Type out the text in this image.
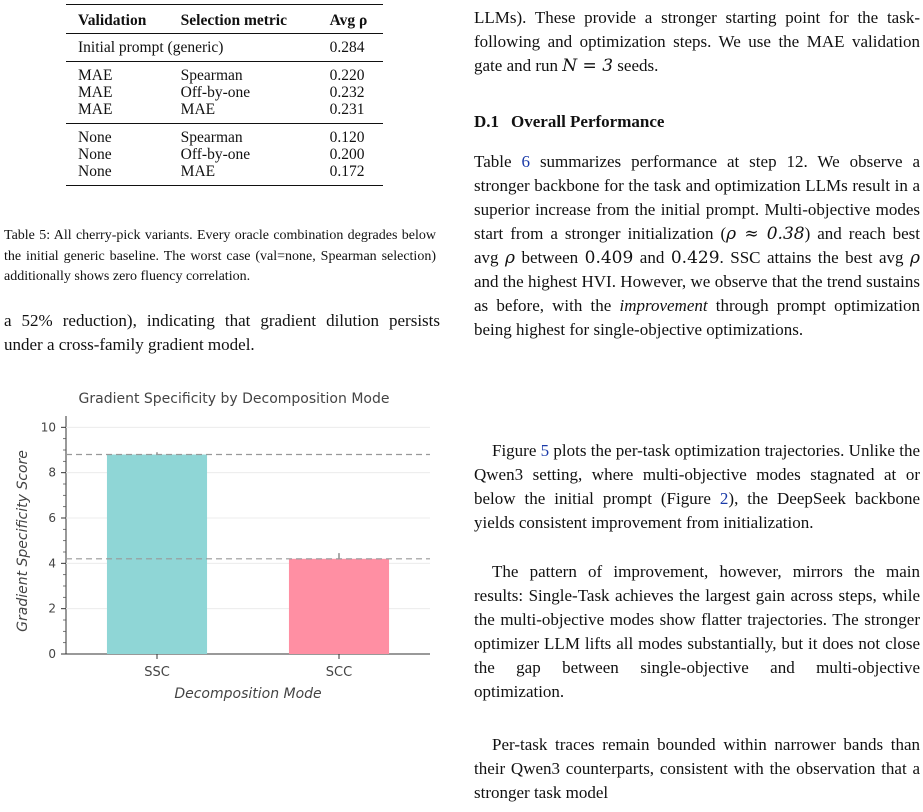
Validation	Selection metric	Avg ρ
Initial prompt (generic)		0.284
MAE	Spearman	0.220
MAE	Off-by-one	0.232
MAE	MAE	0.231
None	Spearman	0.120
None	Off-by-one	0.200
None	MAE	0.172
Table 5: All cherry-pick variants. Every oracle combination degrades below the initial generic baseline. The worst case (val=none, Spearman selection) additionally shows zero fluency correlation.
a 52% reduction), indicating that gradient dilution persists under a cross-family gradient model.
Gradient Specificity by Decomposition Mode
0
2
4
6
8
10
SSC	SCC
Decomposition Mode
Gradient Specificity Score
LLMs). These provide a stronger starting point for the task-following and optimization steps. We use the MAE validation gate and run N = 3 seeds.
D.1 Overall Performance
Table 6 summarizes performance at step 12. We observe a stronger backbone for the task and optimization LLMs result in a superior increase from the initial prompt. Multi-objective modes start from a stronger initialization (ρ ≈ 0.38) and reach best avg ρ between 0.409 and 0.429. SSC attains the best avg ρ and the highest HVI. However, we observe that the trend sustains as before, with the improvement through prompt optimization being highest for single-objective optimizations.
Figure 5 plots the per-task optimization trajectories. Unlike the Qwen3 setting, where multi-objective modes stagnated at or below the initial prompt (Figure 2), the DeepSeek backbone yields consistent improvement from initialization.
The pattern of improvement, however, mirrors the main results: Single-Task achieves the largest gain across steps, while the multi-objective modes show flatter trajectories. The stronger optimizer LLM lifts all modes substantially, but it does not close the gap between single-objective and multi-objective optimization.
Per-task traces remain bounded within narrower bands than their Qwen3 counterparts, consistent with the observation that a stronger task model
